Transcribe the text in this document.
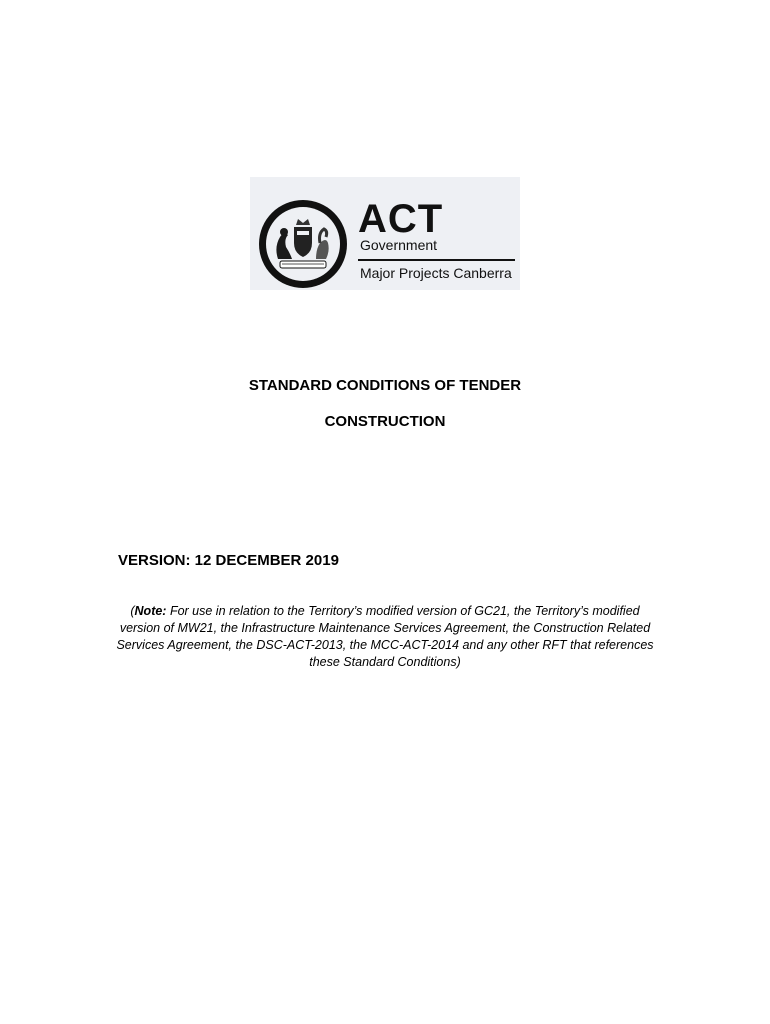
ACT
Government
Major Projects Canberra
STANDARD CONDITIONS OF TENDER
CONSTRUCTION
VERSION: 12 DECEMBER 2019
(Note: For use in relation to the Territory’s modified version of GC21, the Territory’s modified version of MW21, the Infrastructure Maintenance Services Agreement, the Construction Related Services Agreement, the DSC-ACT-2013, the MCC-ACT-2014 and any other RFT that references these Standard Conditions)
